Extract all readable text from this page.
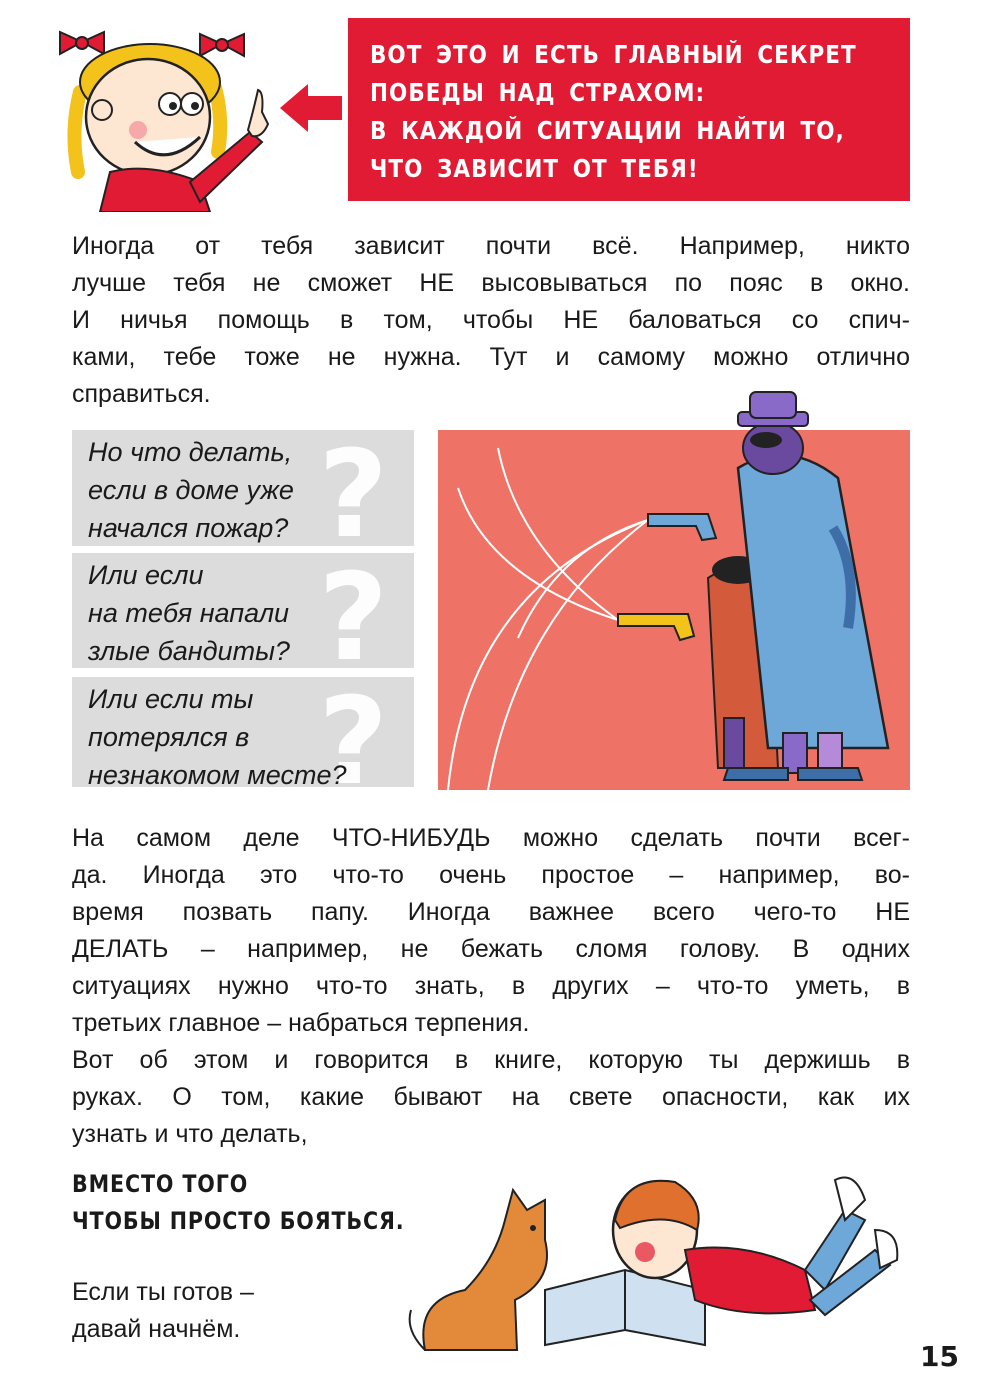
ВОТ ЭТО И ЕСТЬ ГЛАВНЫЙ СЕКРЕТ
ПОБЕДЫ НАД СТРАХОМ:
В КАЖДОЙ СИТУАЦИИ НАЙТИ ТО,
ЧТО ЗАВИСИТ ОТ ТЕБЯ!
Иногда от тебя зависит почти всё. Например, никто
лучше тебя не сможет НЕ высовываться по пояс в окно.
И ничья помощь в том, чтобы НЕ баловаться со спич-
ками, тебе тоже не нужна. Тут и самому можно отлично
справиться.
?
Но что делать,
если в доме уже
начался пожар?
?
Или если
на тебя напали
злые бандиты?
?
Или если ты
потерялся в
незнакомом месте?
На самом деле ЧТО-НИБУДЬ можно сделать почти всег-
да. Иногда это что-то очень простое – например, во-
время позвать папу. Иногда важнее всего чего-то НЕ
ДЕЛАТЬ – например, не бежать сломя голову. В одних
ситуациях нужно что-то знать, в других – что-то уметь, в
третьих главное – набраться терпения.
Вот об этом и говорится в книге, которую ты держишь в
руках. О том, какие бывают на свете опасности, как их
узнать и что делать,
ВМЕСТО ТОГО
ЧТОБЫ ПРОСТО БОЯТЬСЯ.
Если ты готов –
давай начнём.
15
